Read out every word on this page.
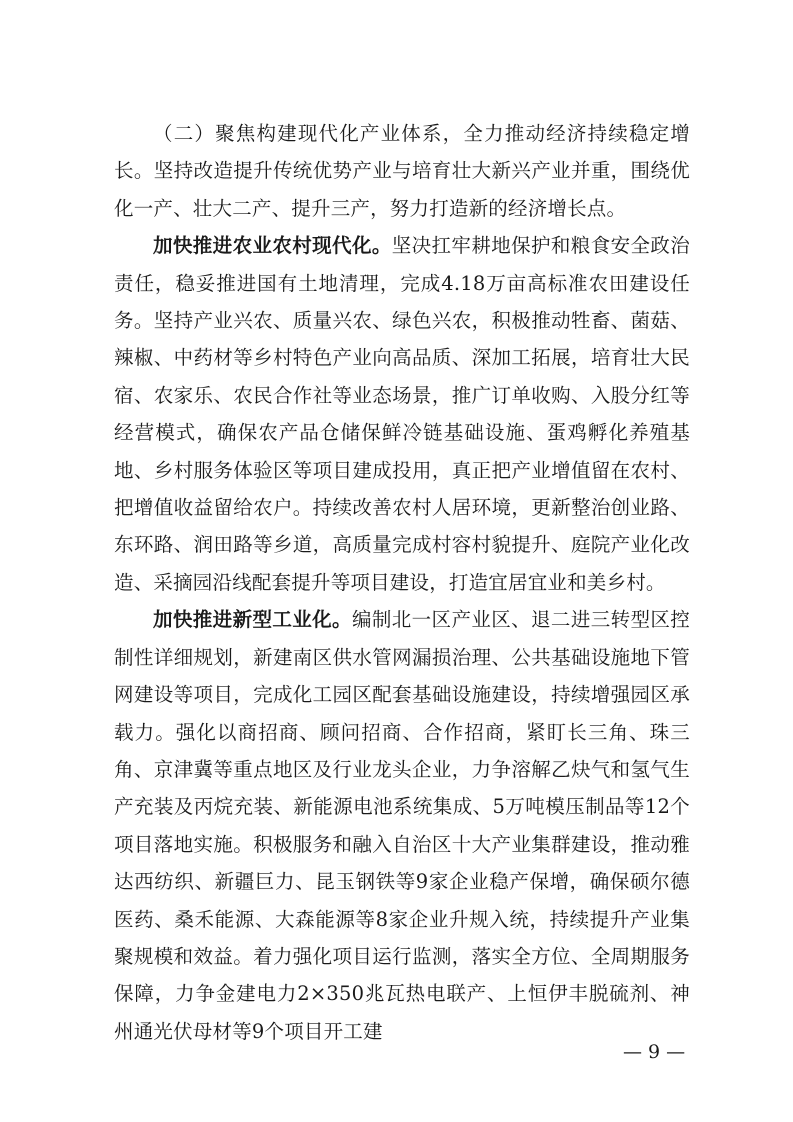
（二）聚焦构建现代化产业体系，全力推动经济持续稳定增长。坚持改造提升传统优势产业与培育壮大新兴产业并重，围绕优化一产、壮大二产、提升三产，努力打造新的经济增长点。

加快推进农业农村现代化。坚决扛牢耕地保护和粮食安全政治责任，稳妥推进国有土地清理，完成4.18万亩高标准农田建设任务。坚持产业兴农、质量兴农、绿色兴农，积极推动牲畜、菌菇、辣椒、中药材等乡村特色产业向高品质、深加工拓展，培育壮大民宿、农家乐、农民合作社等业态场景，推广订单收购、入股分红等经营模式，确保农产品仓储保鲜冷链基础设施、蛋鸡孵化养殖基地、乡村服务体验区等项目建成投用，真正把产业增值留在农村、把增值收益留给农户。持续改善农村人居环境，更新整治创业路、东环路、润田路等乡道，高质量完成村容村貌提升、庭院产业化改造、采摘园沿线配套提升等项目建设，打造宜居宜业和美乡村。

加快推进新型工业化。编制北一区产业区、退二进三转型区控制性详细规划，新建南区供水管网漏损治理、公共基础设施地下管网建设等项目，完成化工园区配套基础设施建设，持续增强园区承载力。强化以商招商、顾问招商、合作招商，紧盯长三角、珠三角、京津冀等重点地区及行业龙头企业，力争溶解乙炔气和氢气生产充装及丙烷充装、新能源电池系统集成、5万吨模压制品等12个项目落地实施。积极服务和融入自治区十大产业集群建设，推动雅达西纺织、新疆巨力、昆玉钢铁等9家企业稳产保增，确保硕尔德医药、桑禾能源、大森能源等8家企业升规入统，持续提升产业集聚规模和效益。着力强化项目运行监测，落实全方位、全周期服务保障，力争金建电力2×350兆瓦热电联产、上恒伊丰脱硫剂、神州通光伏母材等9个项目开工建

— 9 —
